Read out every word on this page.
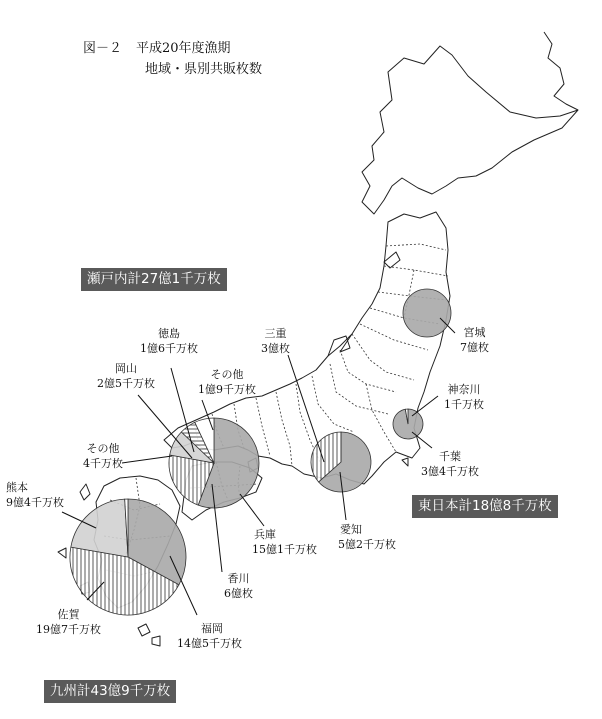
図－２ 平成20年度漁期
地域・県別共販枚数
徳島
1億6千万枚
岡山
2億5千万枚
その他
1億9千万枚
その他
4千万枚
熊本
9億4千万枚
佐賀
19億7千万枚	福岡
14億5千万枚
香川
6億枚
兵庫
15億1千万枚
三重
3億枚
愛知
5億2千万枚
宮城
7億枚
神奈川
1千万枚
千葉
3億4千万枚
瀬戸内計27億1千万枚
東日本計18億8千万枚
九州計43億9千万枚
